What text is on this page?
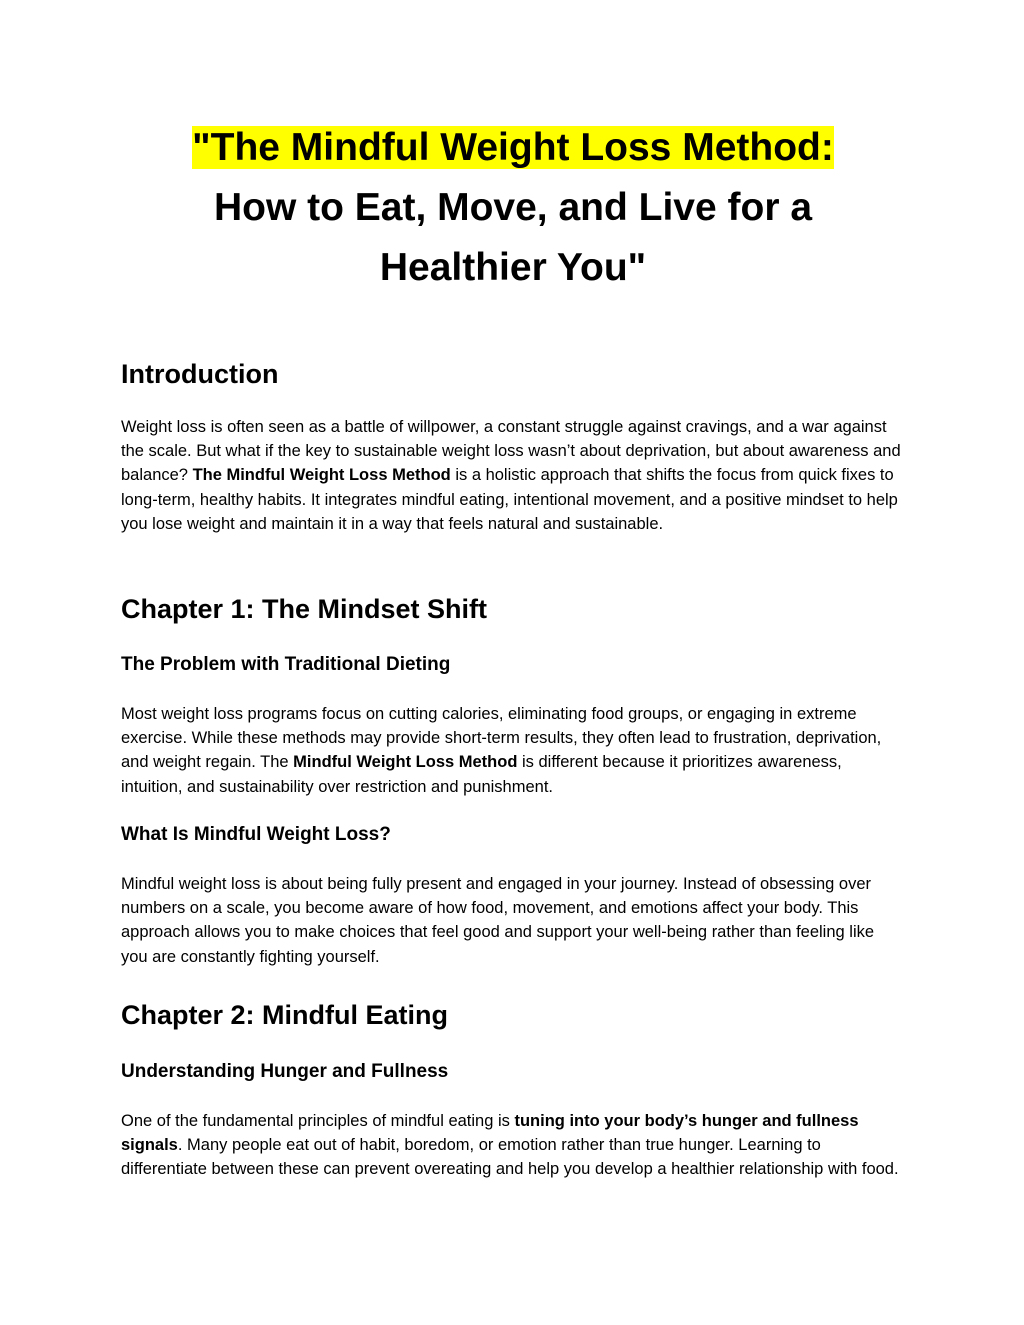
"The Mindful Weight Loss Method:
How to Eat, Move, and Live for a
Healthier You"
Introduction

Weight loss is often seen as a battle of willpower, a constant struggle against cravings, and a war against the scale. But what if the key to sustainable weight loss wasn’t about deprivation, but about awareness and balance? The Mindful Weight Loss Method is a holistic approach that shifts the focus from quick fixes to long-term, healthy habits. It integrates mindful eating, intentional movement, and a positive mindset to help you lose weight and maintain it in a way that feels natural and sustainable.

Chapter 1: The Mindset Shift
The Problem with Traditional Dieting

Most weight loss programs focus on cutting calories, eliminating food groups, or engaging in extreme exercise. While these methods may provide short-term results, they often lead to frustration, deprivation, and weight regain. The Mindful Weight Loss Method is different because it prioritizes awareness, intuition, and sustainability over restriction and punishment.

What Is Mindful Weight Loss?

Mindful weight loss is about being fully present and engaged in your journey. Instead of obsessing over numbers on a scale, you become aware of how food, movement, and emotions affect your body. This approach allows you to make choices that feel good and support your well-being rather than feeling like you are constantly fighting yourself.

Chapter 2: Mindful Eating
Understanding Hunger and Fullness

One of the fundamental principles of mindful eating is tuning into your body’s hunger and fullness signals. Many people eat out of habit, boredom, or emotion rather than true hunger. Learning to differentiate between these can prevent overeating and help you develop a healthier relationship with food.
